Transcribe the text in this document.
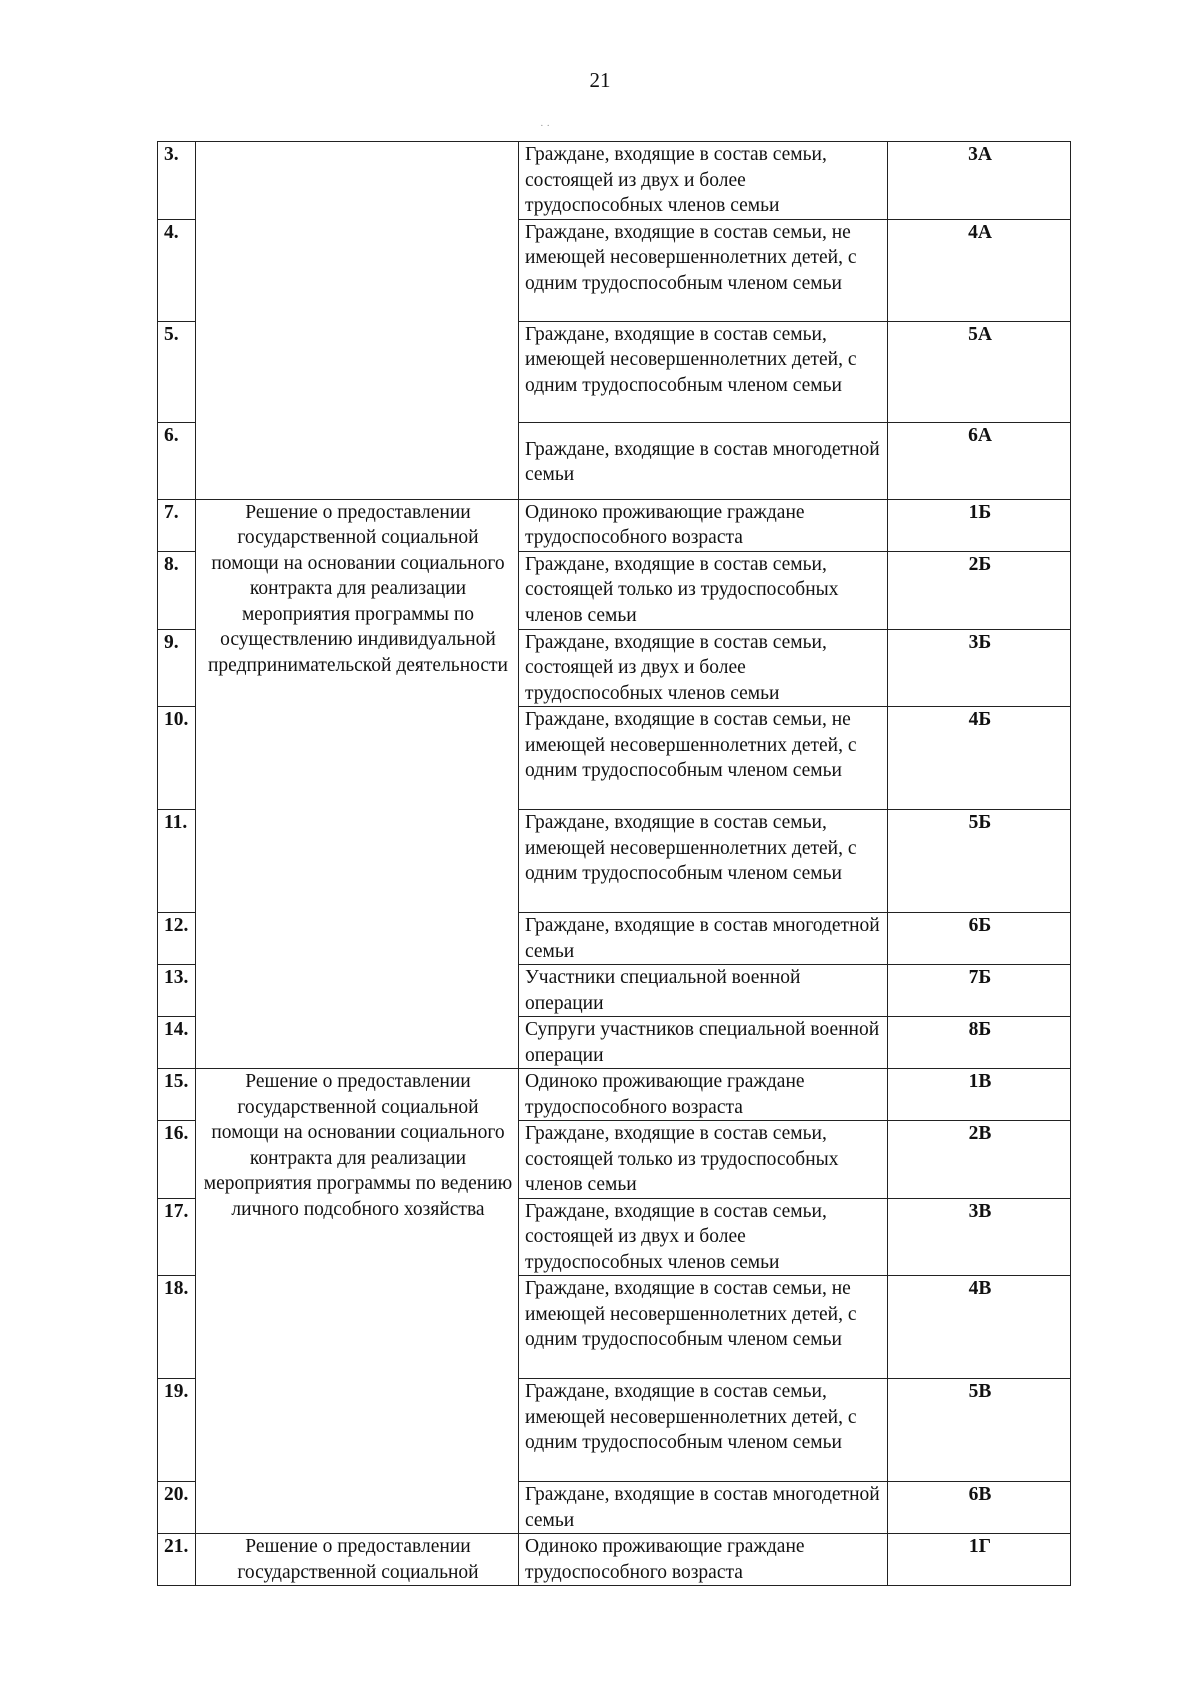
21
· ·
3.		Граждане, входящие в состав семьи, состоящей из двух и более трудоспособных членов семьи	3А
4.		Граждане, входящие в состав семьи, не имеющей несовершеннолетних детей, с одним трудоспособным членом семьи	4А
5.		Граждане, входящие в состав семьи, имеющей несовершеннолетних детей, с одним трудоспособным членом семьи	5А
6.		Граждане, входящие в состав многодетной семьи	6А
7.	Решение о предоставлении государственной социальной помощи на основании социального контракта для реализации мероприятия программы по осуществлению индивидуальной предпринимательской деятельности	Одиноко проживающие граждане трудоспособного возраста	1Б
8.		Граждане, входящие в состав семьи, состоящей только из трудоспособных членов семьи	2Б
9.		Граждане, входящие в состав семьи, состоящей из двух и более трудоспособных членов семьи	3Б
10.		Граждане, входящие в состав семьи, не имеющей несовершеннолетних детей, с одним трудоспособным членом семьи	4Б
11.		Граждане, входящие в состав семьи, имеющей несовершеннолетних детей, с одним трудоспособным членом семьи	5Б
12.		Граждане, входящие в состав многодетной семьи	6Б
13.		Участники специальной военной операции	7Б
14.		Супруги участников специальной военной операции	8Б
15.	Решение о предоставлении государственной социальной помощи на основании социального контракта для реализации мероприятия программы по ведению личного подсобного хозяйства	Одиноко проживающие граждане трудоспособного возраста	1В
16.		Граждане, входящие в состав семьи, состоящей только из трудоспособных членов семьи	2В
17.		Граждане, входящие в состав семьи, состоящей из двух и более трудоспособных членов семьи	3В
18.		Граждане, входящие в состав семьи, не имеющей несовершеннолетних детей, с одним трудоспособным членом семьи	4В
19.		Граждане, входящие в состав семьи, имеющей несовершеннолетних детей, с одним трудоспособным членом семьи	5В
20.		Граждане, входящие в состав многодетной семьи	6В
21.	Решение о предоставлении государственной социальной	Одиноко проживающие граждане трудоспособного возраста	1Г
